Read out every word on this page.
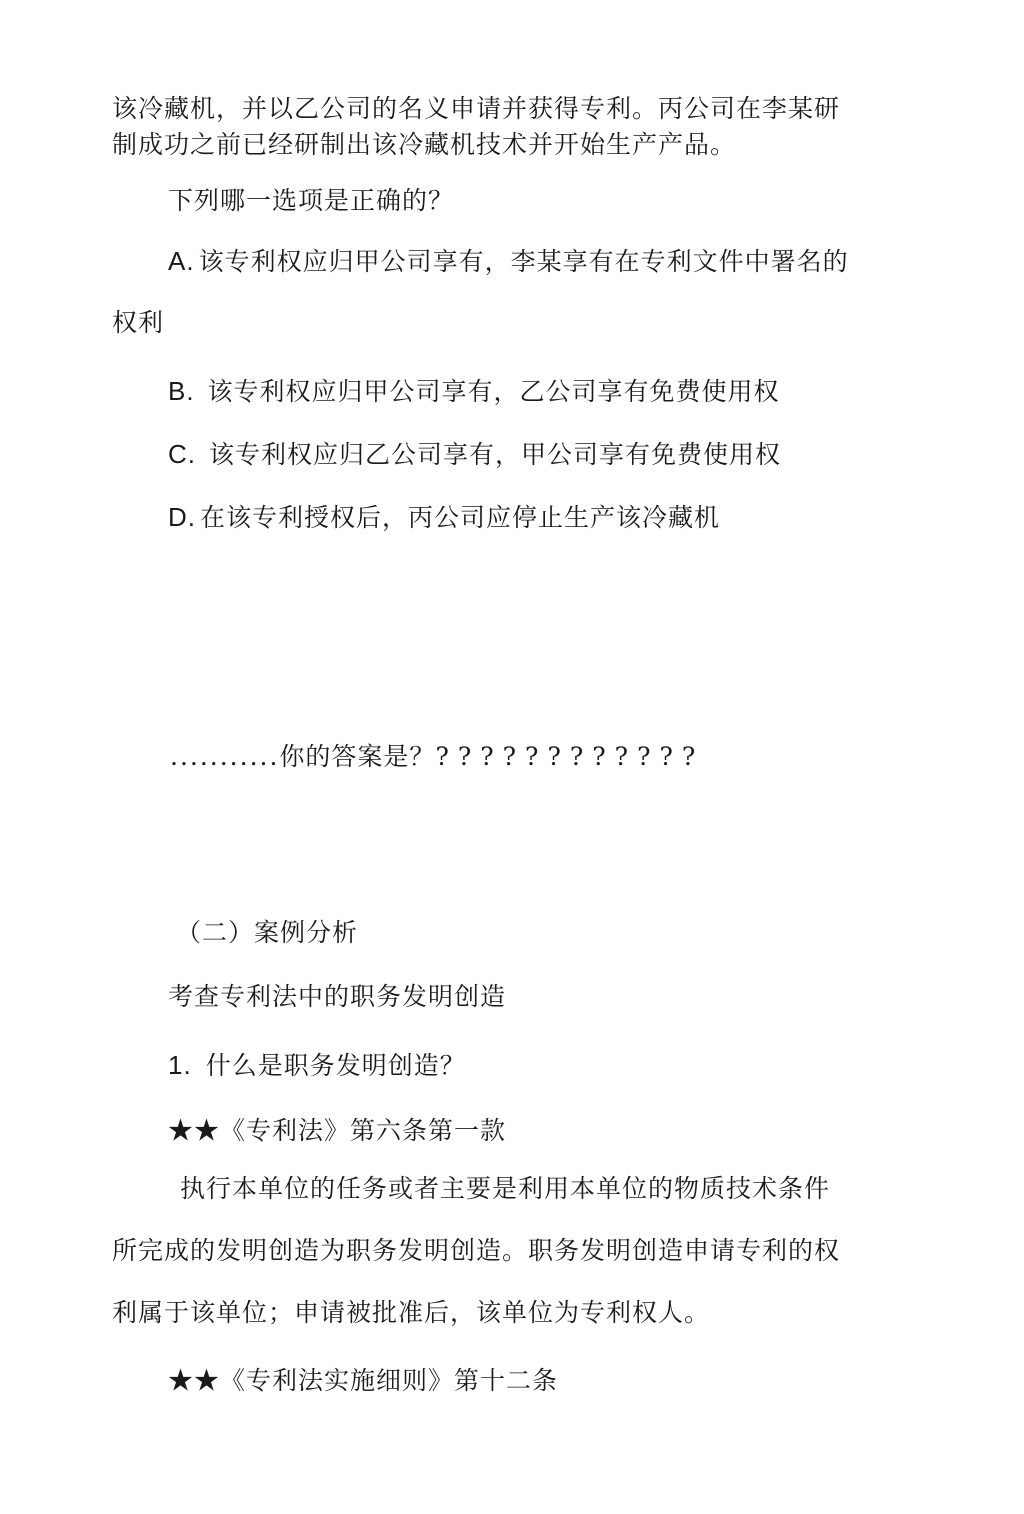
该冷藏机，并以乙公司的名义申请并获得专利。丙公司在李某研
制成功之前已经研制出该冷藏机技术并开始生产产品。
下列哪一选项是正确的？
A. 该专利权应归甲公司享有，李某享有在专利文件中署名的
权利
B. 该专利权应归甲公司享有，乙公司享有免费使用权
C. 该专利权应归乙公司享有，甲公司享有免费使用权
D. 在该专利授权后，丙公司应停止生产该冷藏机
...........你的答案是？????????????
（二）案例分析
考查专利法中的职务发明创造
1. 什么是职务发明创造？
★★《专利法》第六条第一款
执行本单位的任务或者主要是利用本单位的物质技术条件
所完成的发明创造为职务发明创造。职务发明创造申请专利的权
利属于该单位；申请被批准后，该单位为专利权人。
★★《专利法实施细则》第十二条
